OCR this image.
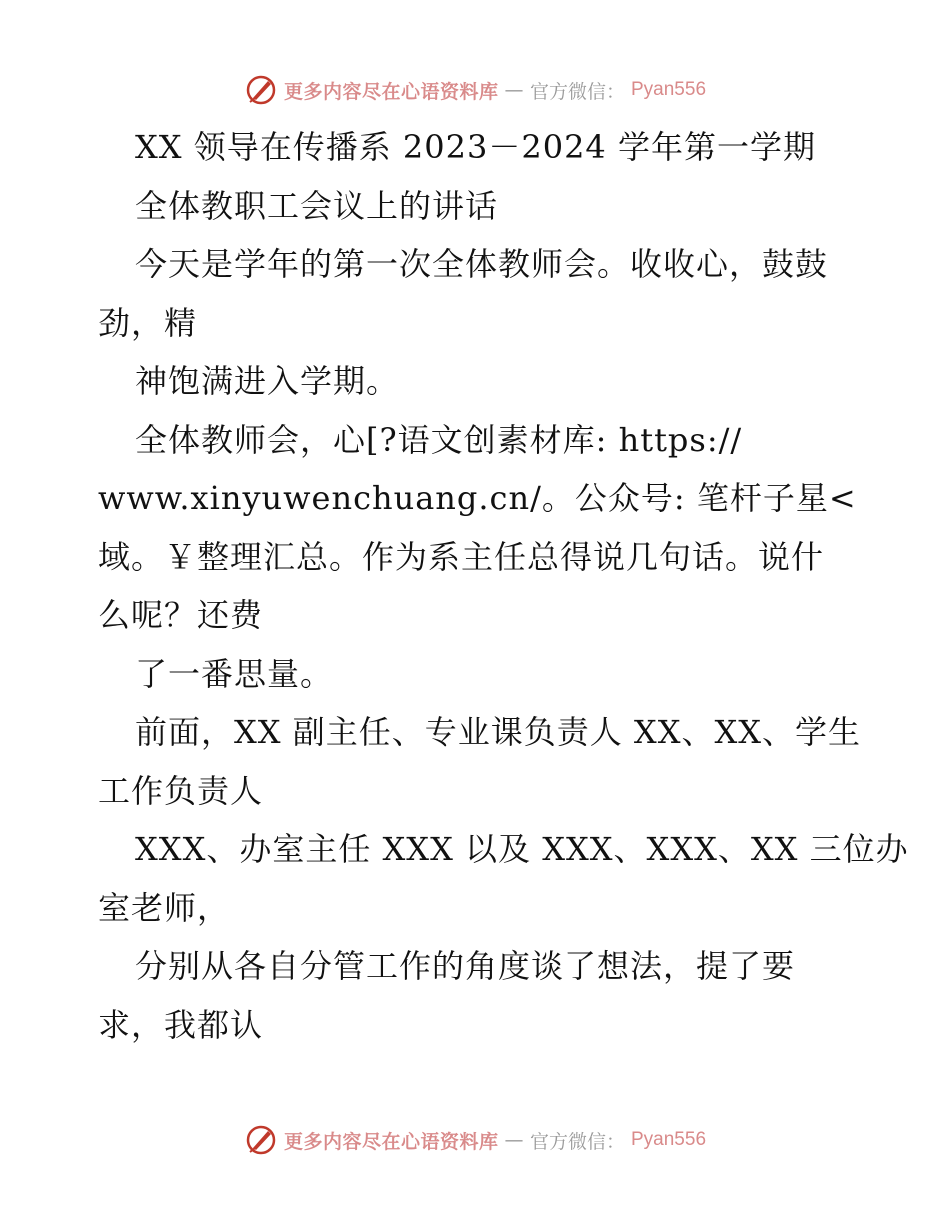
更多内容尽在心语资料库 — 官方微信： Pyan556
XX 领导在传播系 2023－2024 学年第一学期
全体教职工会议上的讲话
今天是学年的第一次全体教师会。收收心，鼓鼓
劲，精
神饱满进入学期。
全体教师会，心[?语文创素材库: https://
www.xinyuwenchuang.cn/。公众号: 笔杆子星<
域。￥整理汇总。作为系主任总得说几句话。说什
么呢？还费
了一番思量。
前面，XX 副主任、专业课负责人 XX、XX、学生
工作负责人
XXX、办室主任 XXX 以及 XXX、XXX、XX 三位办
室老师，
分别从各自分管工作的角度谈了想法，提了要
求，我都认
更多内容尽在心语资料库 — 官方微信： Pyan556
